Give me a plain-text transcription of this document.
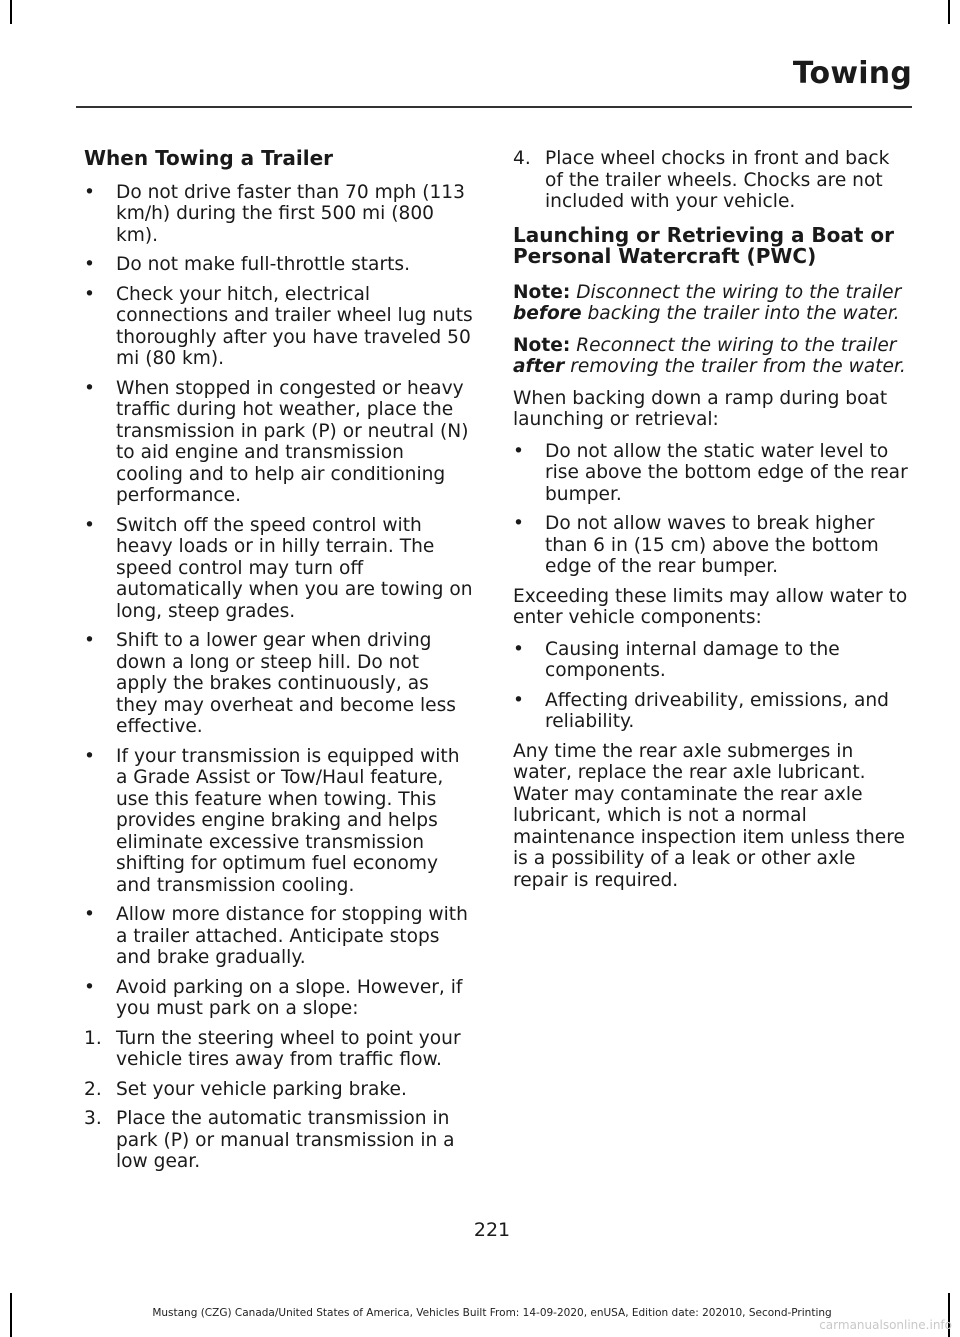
Towing
When Towing a Trailer
• Do not drive faster than 70 mph (113 km/h) during the first 500 mi (800 km).
• Do not make full-throttle starts.
• Check your hitch, electrical connections and trailer wheel lug nuts thoroughly after you have traveled 50 mi (80 km).
• When stopped in congested or heavy traffic during hot weather, place the transmission in park (P) or neutral (N) to aid engine and transmission cooling and to help air conditioning performance.
• Switch off the speed control with heavy loads or in hilly terrain. The speed control may turn off automatically when you are towing on long, steep grades.
• Shift to a lower gear when driving down a long or steep hill. Do not apply the brakes continuously, as they may overheat and become less effective.
• If your transmission is equipped with a Grade Assist or Tow/Haul feature, use this feature when towing. This provides engine braking and helps eliminate excessive transmission shifting for optimum fuel economy and transmission cooling.
• Allow more distance for stopping with a trailer attached. Anticipate stops and brake gradually.
• Avoid parking on a slope. However, if you must park on a slope:
1. Turn the steering wheel to point your vehicle tires away from traffic flow.
2. Set your vehicle parking brake.
3. Place the automatic transmission in park (P) or manual transmission in a low gear.
4. Place wheel chocks in front and back of the trailer wheels. Chocks are not included with your vehicle.
Launching or Retrieving a Boat or Personal Watercraft (PWC)

Note: Disconnect the wiring to the trailer before backing the trailer into the water.

Note: Reconnect the wiring to the trailer after removing the trailer from the water.

When backing down a ramp during boat launching or retrieval:

• Do not allow the static water level to rise above the bottom edge of the rear bumper.
• Do not allow waves to break higher than 6 in (15 cm) above the bottom edge of the rear bumper.

Exceeding these limits may allow water to enter vehicle components:

• Causing internal damage to the components.
• Affecting driveability, emissions, and reliability.

Any time the rear axle submerges in water, replace the rear axle lubricant. Water may contaminate the rear axle lubricant, which is not a normal maintenance inspection item unless there is a possibility of a leak or other axle repair is required.

221
Mustang (CZG) Canada/United States of America, Vehicles Built From: 14-09-2020, enUSA, Edition date: 202010, Second-Printing
carmanualsonline.info
